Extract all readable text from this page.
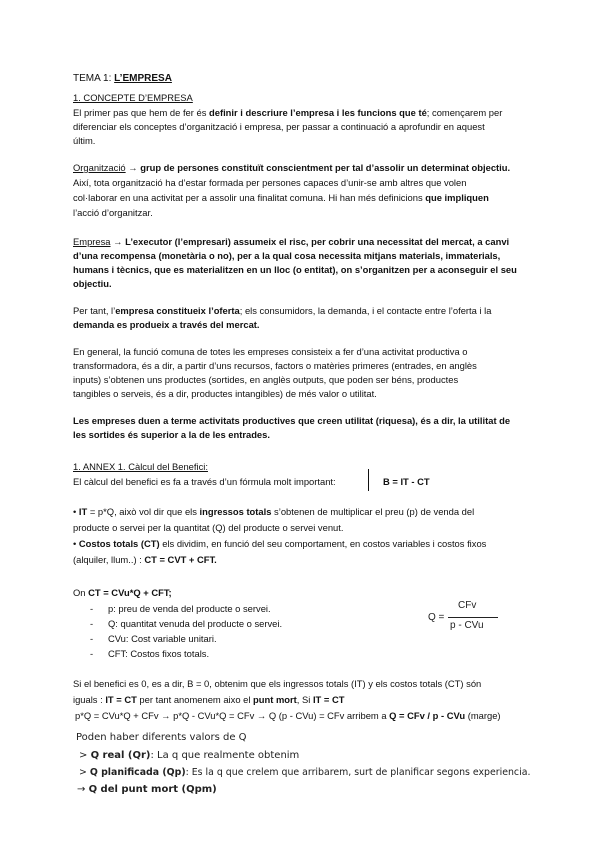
TEMA 1: L’EMPRESA
1. CONCEPTE D’EMPRESA
El primer pas que hem de fer és definir i descriure l’empresa i les funcions que té; començarem per
diferenciar els conceptes d’organització i empresa, per passar a continuació a aprofundir en aquest
últim.
Organització → grup de persones constituït conscientment per tal d’assolir un determinat objectiu.
Així, tota organització ha d’estar formada per persones capaces d’unir-se amb altres que volen
col·laborar en una activitat per a assolir una finalitat comuna. Hi han més definicions que impliquen
l’acció d’organitzar.
Empresa → L’executor (l’empresari) assumeix el risc, per cobrir una necessitat del mercat, a canvi
d’una recompensa (monetària o no), per a la qual cosa necessita mitjans materials, immaterials,
humans i tècnics, que es materialitzen en un lloc (o entitat), on s’organitzen per a aconseguir el seu
objectiu.
Per tant, l’empresa constitueix l’oferta; els consumidors, la demanda, i el contacte entre l’oferta i la
demanda es produeix a través del mercat.
En general, la funció comuna de totes les empreses consisteix a fer d’una activitat productiva o
transformadora, és a dir, a partir d’uns recursos, factors o matèries primeres (entrades, en anglès
inputs) s’obtenen uns productes (sortides, en anglès outputs, que poden ser béns, productes
tangibles o serveis, és a dir, productes intangibles) de més valor o utilitat.
Les empreses duen a terme activitats productives que creen utilitat (riquesa), és a dir, la utilitat de
les sortides és superior a la de les entrades.
1. ANNEX 1. Càlcul del Benefici:
El càlcul del benefici es fa a través d’un fórmula molt important:	B = IT - CT
• IT = p*Q, això vol dir que els ingressos totals s’obtenen de multiplicar el preu (p) de venda del
producte o servei per la quantitat (Q) del producte o servei venut.
• Costos totals (CT) els dividim, en funció del seu comportament, en costos variables i costos fixos
(alquiler, llum..) : CT = CVT + CFT.
On CT = CVu*Q + CFT;
- p: preu de venda del producte o servei.
- Q: quantitat venuda del producte o servei.
- CVu: Cost variable unitari.
- CFT: Costos fixos totals.
CFv
Q =
p - CVu
Si el benefici es 0, es a dir, B = 0, obtenim que els ingressos totals (IT) y els costos totals (CT) són
iguals : IT = CT per tant anomenem aixo el punt mort, Si IT = CT
p*Q = CVu*Q + CFv → p*Q - CVu*Q = CFv → Q (p - CVu) = CFv arribem a Q = CFv / p - CVu (marge)
Poden haber diferents valors de Q
> Q real (Qr): La q que realmente obtenim
> Q planificada (Qp): Es la q que crelem que arribarem, surt de planificar segons experiencia.
→ Q del punt mort (Qpm)
